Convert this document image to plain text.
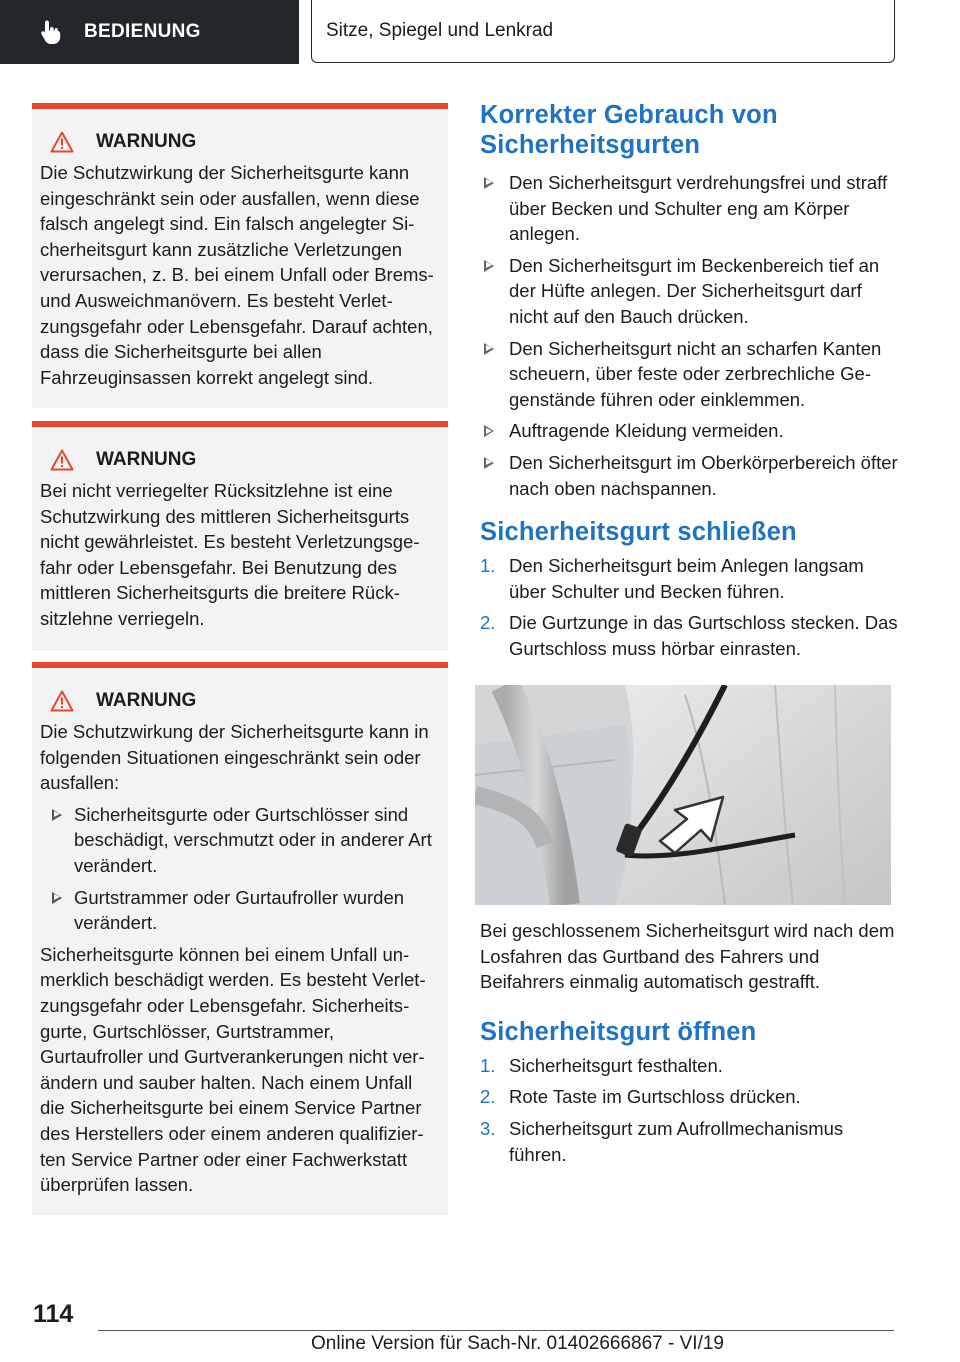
BEDIENUNG	Sitze, Spiegel und Lenkrad
WARNUNG

Die Schutzwirkung der Sicherheitsgurte kann eingeschränkt sein oder ausfallen, wenn diese falsch angelegt sind. Ein falsch angelegter Sicherheitsgurt kann zusätzliche Verletzungen verursachen, z. B. bei einem Unfall oder Brems- und Ausweichmanövern. Es besteht Verletzungsgefahr oder Lebensgefahr. Darauf achten, dass die Sicherheitsgurte bei allen Fahrzeuginsassen korrekt angelegt sind.

WARNUNG

Bei nicht verriegelter Rücksitzlehne ist eine Schutzwirkung des mittleren Sicherheitsgurts nicht gewährleistet. Es besteht Verletzungsgefahr oder Lebensgefahr. Bei Benutzung des mittleren Sicherheitsgurts die breitere Rücksitzlehne verriegeln.

WARNUNG

Die Schutzwirkung der Sicherheitsgurte kann in folgenden Situationen eingeschränkt sein oder ausfallen:

Sicherheitsgurte oder Gurtschlösser sind beschädigt, verschmutzt oder in anderer Art verändert.
Gurtstrammer oder Gurtaufroller wurden verändert.

Sicherheitsgurte können bei einem Unfall unmerklich beschädigt werden. Es besteht Verletzungsgefahr oder Lebensgefahr. Sicherheitsgurte, Gurtschlösser, Gurtstrammer, Gurtaufroller und Gurtverankerungen nicht verändern und sauber halten. Nach einem Unfall die Sicherheitsgurte bei einem Service Partner des Herstellers oder einem anderen qualifizierten Service Partner oder einer Fachwerkstatt überprüfen lassen.

Korrekter Gebrauch von Sicherheitsgurten
Den Sicherheitsgurt verdrehungsfrei und straff über Becken und Schulter eng am Körper anlegen.
Den Sicherheitsgurt im Beckenbereich tief an der Hüfte anlegen. Der Sicherheitsgurt darf nicht auf den Bauch drücken.
Den Sicherheitsgurt nicht an scharfen Kanten scheuern, über feste oder zerbrechliche Gegenstände führen oder einklemmen.
Auftragende Kleidung vermeiden.
Den Sicherheitsgurt im Oberkörperbereich öfter nach oben nachspannen.
Sicherheitsgurt schließen
1. Den Sicherheitsgurt beim Anlegen langsam über Schulter und Becken führen.
2. Die Gurtzunge in das Gurtschloss stecken. Das Gurtschloss muss hörbar einrasten.

Bei geschlossenem Sicherheitsgurt wird nach dem Losfahren das Gurtband des Fahrers und Beifahrers einmalig automatisch gestrafft.

Sicherheitsgurt öffnen
1. Sicherheitsgurt festhalten.
2. Rote Taste im Gurtschloss drücken.
3. Sicherheitsgurt zum Aufrollmechanismus führen.
114
Online Version für Sach-Nr. 01402666867 - VI/19
